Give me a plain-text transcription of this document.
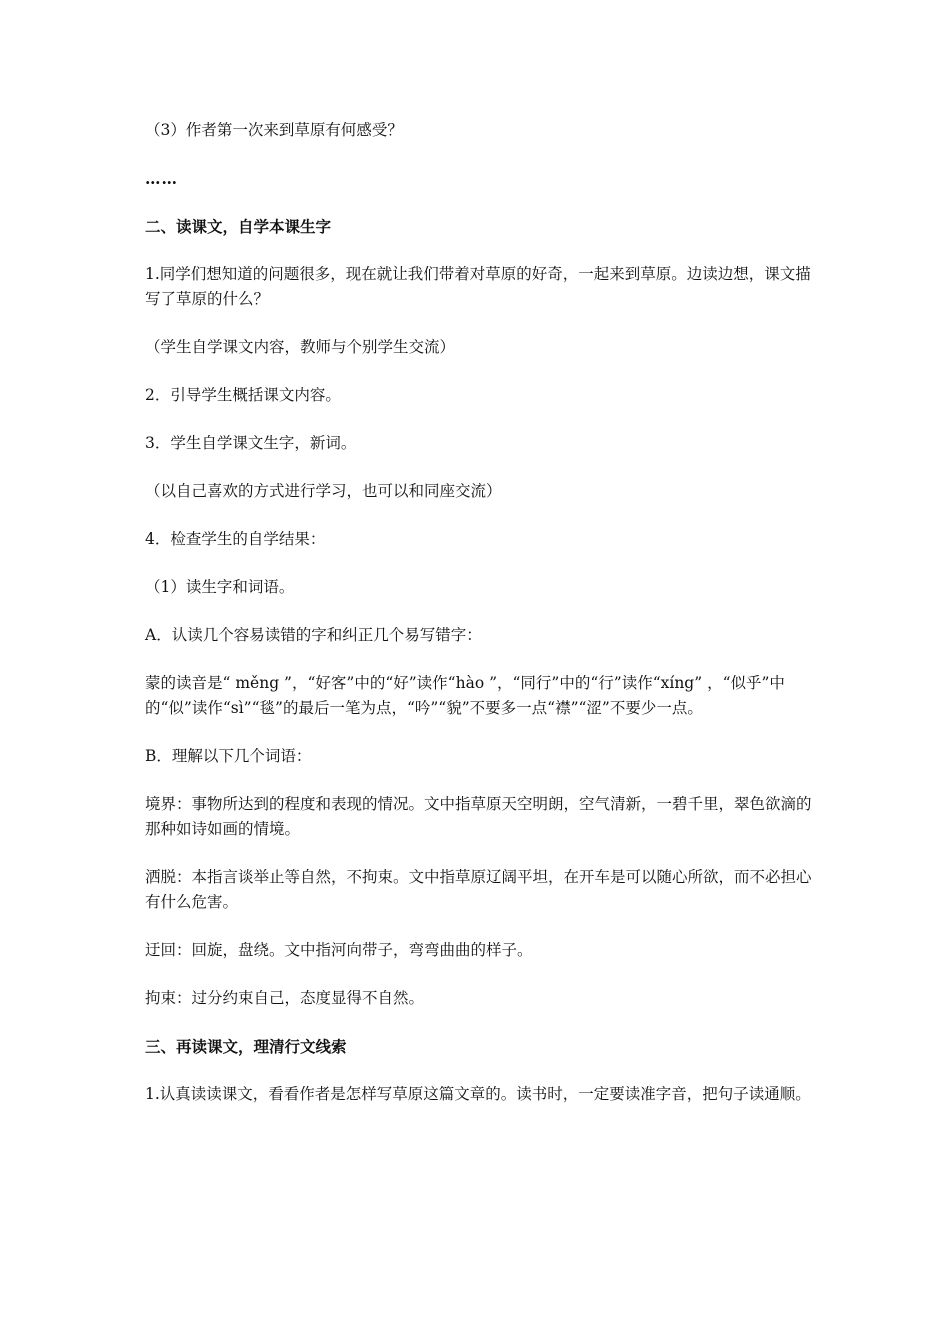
（3）作者第一次来到草原有何感受？

……

二、读课文，自学本课生字

1.同学们想知道的问题很多，现在就让我们带着对草原的好奇，一起来到草原。边读边想，课文描写了草原的什么？

（学生自学课文内容，教师与个别学生交流）

2．引导学生概括课文内容。

3．学生自学课文生字，新词。

（以自己喜欢的方式进行学习，也可以和同座交流）

4．检查学生的自学结果：

（1）读生字和词语。

A．认读几个容易读错的字和纠正几个易写错字：

蒙的读音是“ měng ”，“好客”中的“好”读作“hào ”，“同行”中的“行”读作“xíng” ，“似乎”中的“似”读作“sì”“毯”的最后一笔为点，“吟”“貌”不要多一点“襟”“涩”不要少一点。

B．理解以下几个词语：

境界：事物所达到的程度和表现的情况。文中指草原天空明朗，空气清新，一碧千里，翠色欲滴的那种如诗如画的情境。

洒脱：本指言谈举止等自然，不拘束。文中指草原辽阔平坦，在开车是可以随心所欲，而不必担心有什么危害。

迂回：回旋，盘绕。文中指河向带子，弯弯曲曲的样子。

拘束：过分约束自己，态度显得不自然。

三、再读课文，理清行文线索

1.认真读读课文，看看作者是怎样写草原这篇文章的。读书时，一定要读准字音，把句子读通顺。
